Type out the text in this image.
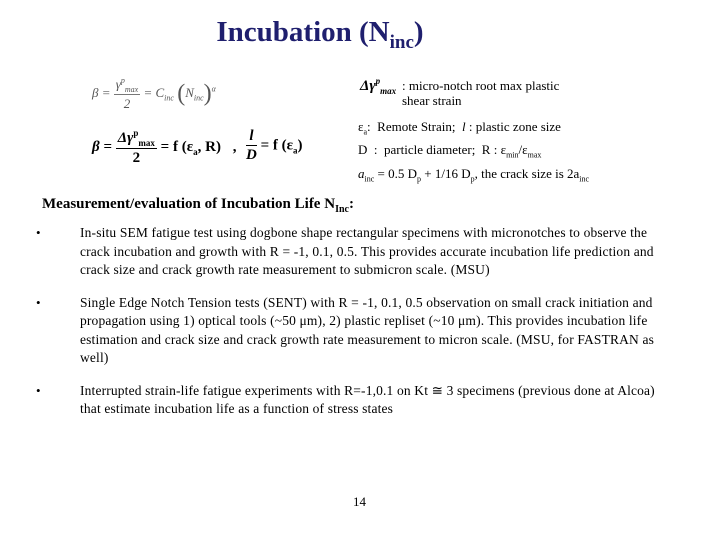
Incubation $(N_{inc})$
$\beta = \frac{\gamma^p_{max}}{2} = C_{inc}$ $(N_{inc})^\alpha$
$\beta = \frac{\Delta\gamma^p_{max}}{2} = f$ ($\varepsilon_a$, R) , $\frac{l}{D} = f$ $(\varepsilon_a)$
$\Delta\gamma^p_{max}$ : micro-notch root max plastic
shear strain
$\varepsilon_a$:  Remote Strain;  l : plastic zone size
D  :  particle diameter;  R : $\varepsilon_{min}/\varepsilon_{max}$
$a_{inc} = 0.5$ $D_p + 1/16$ $D_p$, the crack size is $2a_{inc}$
Measurement/evaluation of Incubation Life $N_{Inc}$:
•	In-situ SEM fatigue test using dogbone shape rectangular specimens with micronotches to observe the crack incubation and growth with R = -1, 0.1, 0.5. This provides accurate incubation life prediction and crack size and crack growth rate measurement to submicron scale. (MSU)
•	Single Edge Notch Tension tests (SENT) with R = -1, 0.1, 0.5 observation on small crack initiation and propagation using 1) optical tools (~50 μm), 2) plastic repliset (~10 μm). This provides incubation life estimation and crack size and crack growth rate measurement to micron scale. (MSU, for FASTRAN as well)
•	Interrupted strain-life fatigue experiments with R=-1,0.1 on Kt ≅ 3 specimens (previous done at Alcoa) that estimate incubation life as a function of stress states
14
